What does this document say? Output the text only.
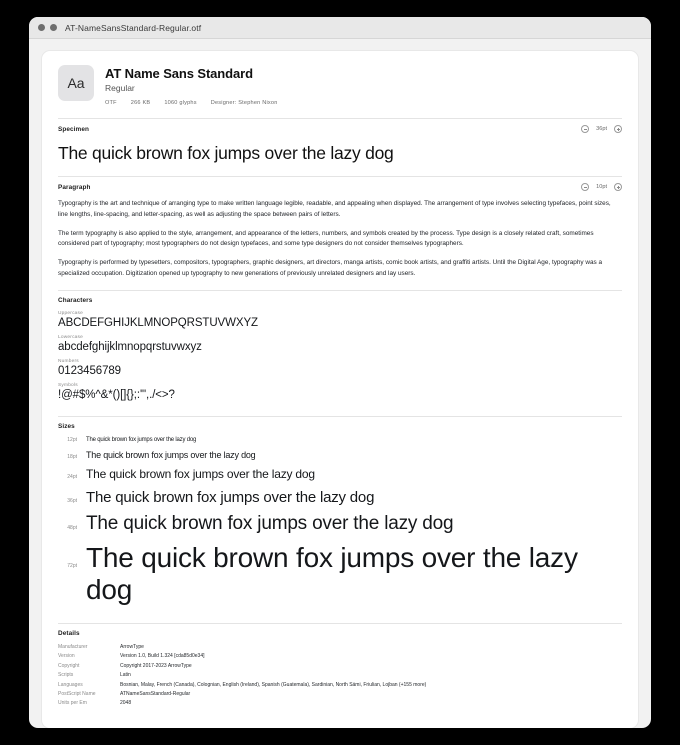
AT-NameSansStandard-Regular.otf
Aa
AT Name Sans Standard
Regular
OTF	266 KB	1060 glyphs	Designer: Stephen Nixon
Specimen	36pt
The quick brown fox jumps over the lazy dog
Paragraph	10pt

Typography is the art and technique of arranging type to make written language legible, readable, and appealing when displayed. The arrangement of type involves selecting typefaces, point sizes, line lengths, line-spacing, and letter-spacing, as well as adjusting the space between pairs of letters.

The term typography is also applied to the style, arrangement, and appearance of the letters, numbers, and symbols created by the process. Type design is a closely related craft, sometimes considered part of typography; most typographers do not design typefaces, and some type designers do not consider themselves typographers.

Typography is performed by typesetters, compositors, typographers, graphic designers, art directors, manga artists, comic book artists, and graffiti artists. Until the Digital Age, typography was a specialized occupation. Digitization opened up typography to new generations of previously unrelated designers and lay users.

Characters
Uppercase
ABCDEFGHIJKLMNOPQRSTUVWXYZ
Lowercase
abcdefghijklmnopqrstuvwxyz
Numbers
0123456789
Symbols
!@#$%^&*()[]{};:'",./<>?
Sizes
12pt	The quick brown fox jumps over the lazy dog
18pt	The quick brown fox jumps over the lazy dog
24pt The quick brown fox jumps over the lazy dog
36pt The quick brown fox jumps over the lazy dog
48pt The quick brown fox jumps over the lazy dog
72pt The quick brown fox jumps over the lazy dog
Details
Manufacturer	ArrowType
Version	Version 1.0, Build 1.324 [cda85d0e34]
Copyright	Copyright 2017-2023 ArrowType
Scripts	Latin
Languages	Bosnian, Malay, French (Canada), Colognian, English (Ireland), Spanish (Guatemala), Sardinian, North Sámi, Friulian, Lojban (+155 more)
PostScript Name	ATNameSansStandard-Regular
Units per Em	2048
